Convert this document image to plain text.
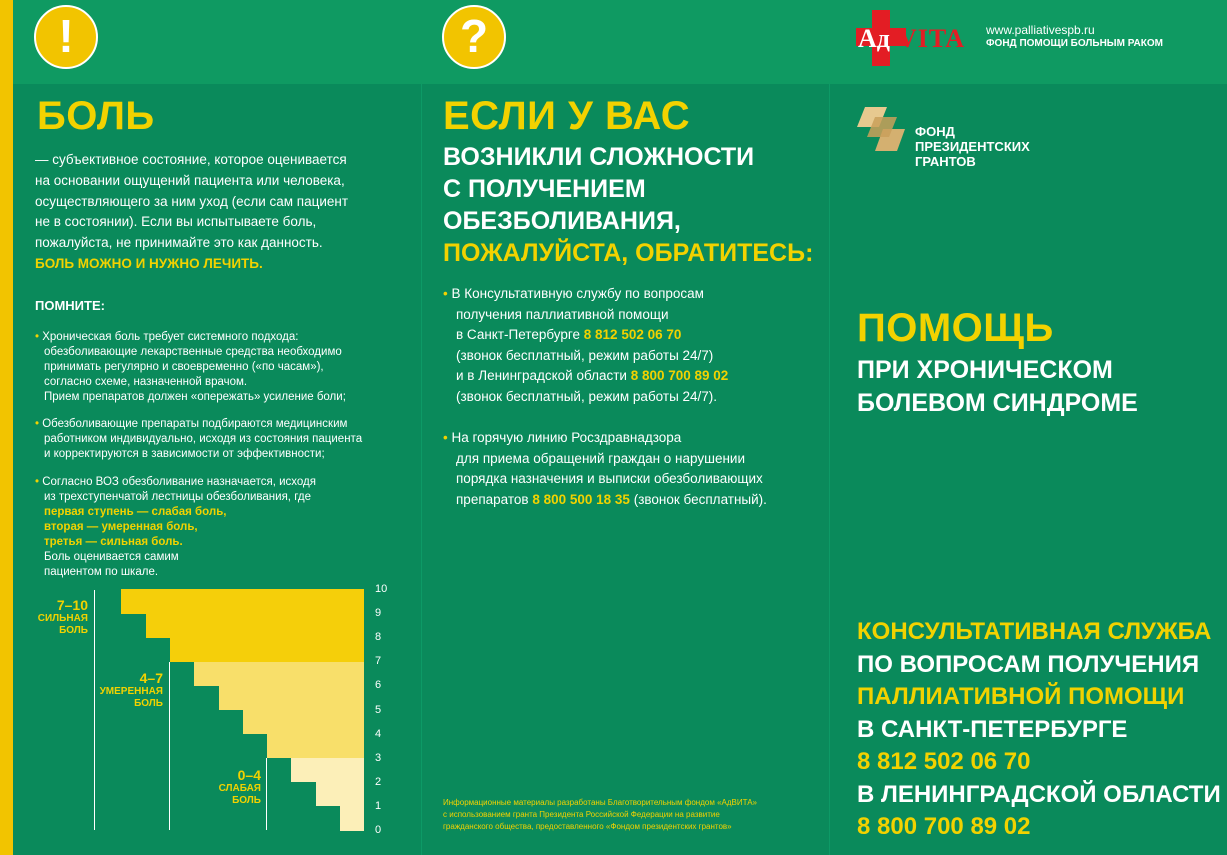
!
БОЛЬ
— субъективное состояние, которое оценивается
на основании ощущений пациента или человека,
осуществляющего за ним уход (если сам пациент
не в состоянии). Если вы испытываете боль,
пожалуйста, не принимайте это как данность.
БОЛЬ МОЖНО И НУЖНО ЛЕЧИТЬ.
ПОМНИТЕ:
• Хроническая боль требует системного подхода:
обезболивающие лекарственные средства необходимо
принимать регулярно и своевременно («по часам»),
согласно схеме, назначенной врачом.
Прием препаратов должен «опережать» усиление боли;
• Обезболивающие препараты подбираются медицинским
работником индивидуально, исходя из состояния пациента
и корректируются в зависимости от эффективности;
• Согласно ВОЗ обезболивание назначается, исходя
из трехступенчатой лестницы обезболивания, где
первая ступень — слабая боль,
вторая — умеренная боль,
третья — сильная боль.
Боль оценивается самим
пациентом по шкале.
10
9
8
7
6
5
4
3
2
1
0
7–10
СИЛЬНАЯ
БОЛЬ
4–7
УМЕРЕННАЯ
БОЛЬ
0–4
СЛАБАЯ
БОЛЬ
?
ЕСЛИ У ВАС
ВОЗНИКЛИ СЛОЖНОСТИ
С ПОЛУЧЕНИЕМ
ОБЕЗБОЛИВАНИЯ,
ПОЖАЛУЙСТА, ОБРАТИТЕСЬ:
• В Консультативную службу по вопросам
получения паллиативной помощи
в Санкт-Петербурге 8 812 502 06 70
(звонок бесплатный, режим работы 24/7)
и в Ленинградской области 8 800 700 89 02
(звонок бесплатный, режим работы 24/7).
• На горячую линию Росздравнадзора
для приема обращений граждан о нарушении
порядка назначения и выписки обезболивающих
препаратов 8 800 500 18 35 (звонок бесплатный).
Информационные материалы разработаны Благотворительным фондом «АдВИТА»
с использованием гранта Президента Российской Федерации на развитие
гражданского общества, предоставленного «Фондом президентских грантов»
Ад VITA www.palliativespb.ru
ФОНД ПОМОЩИ БОЛЬНЫМ РАКОМ
ФОНД
ПРЕЗИДЕНТСКИХ
ГРАНТОВ
ПОМОЩЬ
ПРИ ХРОНИЧЕСКОМ
БОЛЕВОМ СИНДРОМЕ
КОНСУЛЬТАТИВНАЯ СЛУЖБА
ПО ВОПРОСАМ ПОЛУЧЕНИЯ
ПАЛЛИАТИВНОЙ ПОМОЩИ
В САНКТ-ПЕТЕРБУРГЕ
8 812 502 06 70
В ЛЕНИНГРАДСКОЙ ОБЛАСТИ
8 800 700 89 02
